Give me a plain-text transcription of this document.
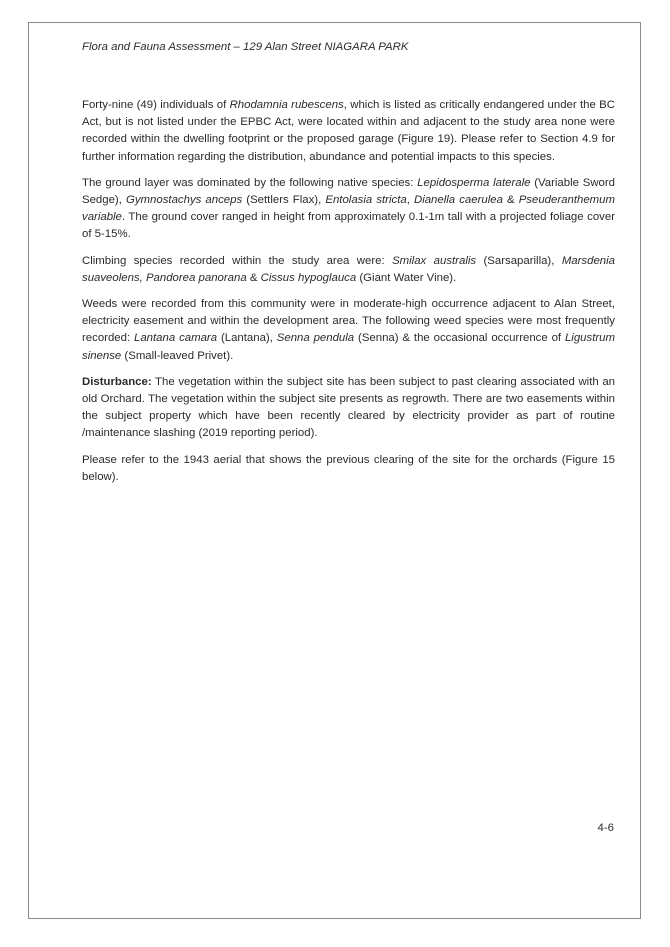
Flora and Fauna Assessment – 129 Alan Street NIAGARA PARK

Forty-nine (49) individuals of Rhodamnia rubescens, which is listed as critically endangered under the BC Act, but is not listed under the EPBC Act, were located within and adjacent to the study area none were recorded within the dwelling footprint or the proposed garage (Figure 19). Please refer to Section 4.9 for further information regarding the distribution, abundance and potential impacts to this species.

The ground layer was dominated by the following native species: Lepidosperma laterale (Variable Sword Sedge), Gymnostachys anceps (Settlers Flax), Entolasia stricta, Dianella caerulea & Pseuderanthemum variable. The ground cover ranged in height from approximately 0.1-1m tall with a projected foliage cover of 5-15%.

Climbing species recorded within the study area were: Smilax australis (Sarsaparilla), Marsdenia suaveolens, Pandorea panorana & Cissus hypoglauca (Giant Water Vine).

Weeds were recorded from this community were in moderate-high occurrence adjacent to Alan Street, electricity easement and within the development area. The following weed species were most frequently recorded: Lantana camara (Lantana), Senna pendula (Senna) & the occasional occurrence of Ligustrum sinense (Small-leaved Privet).

Disturbance: The vegetation within the subject site has been subject to past clearing associated with an old Orchard. The vegetation within the subject site presents as regrowth. There are two easements within the subject property which have been recently cleared by electricity provider as part of routine /maintenance slashing (2019 reporting period).

Please refer to the 1943 aerial that shows the previous clearing of the site for the orchards (Figure 15 below).

4-6
